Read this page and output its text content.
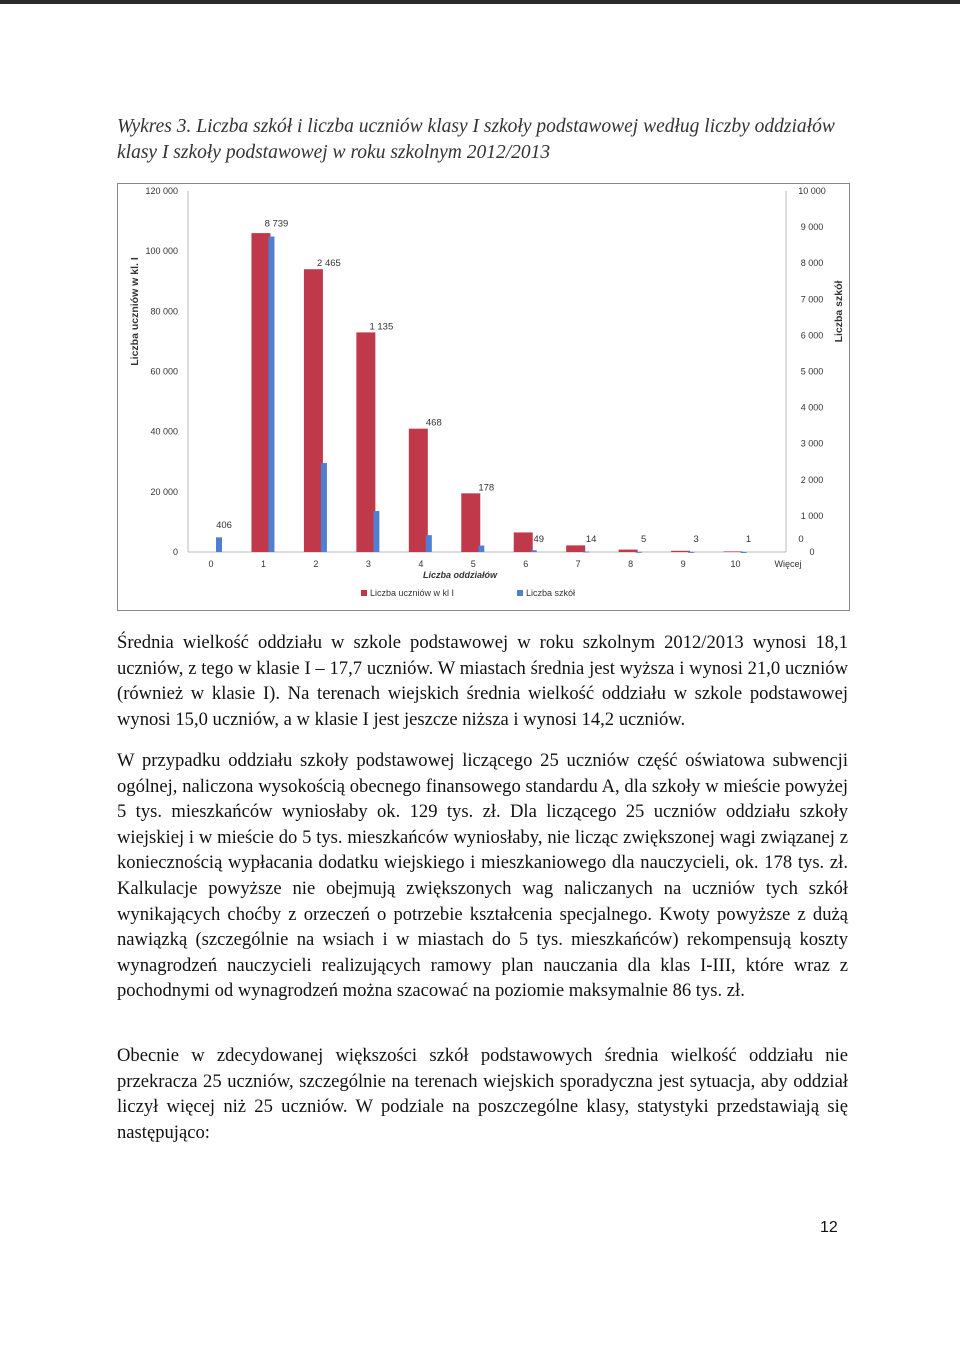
Wykres 3. Liczba szkół i liczba uczniów klasy I szkoły podstawowej według liczby oddziałów klasy I szkoły podstawowej w roku szkolnym 2012/2013
0
20 000
40 000
60 000
80 000
100 000
120 000
0
1 000
2 000
3 000
4 000
5 000
6 000
7 000
8 000
9 000
10 000
Liczba uczniów w kl. I	Liczba szkół
406
0
8 739
1
2 465
2
1 135
3
468
4
178
5
49
6
14
7
5
8
3
9
1
10
0
Więcej
Liczba oddziałów
Liczba uczniów w kl I	Liczba szkół

Średnia wielkość oddziału w szkole podstawowej w roku szkolnym 2012/2013 wynosi 18,1 uczniów, z tego w klasie I – 17,7 uczniów. W miastach średnia jest wyższa i wynosi 21,0 uczniów (również w klasie I). Na terenach wiejskich średnia wielkość oddziału w szkole podstawowej wynosi 15,0 uczniów, a w klasie I jest jeszcze niższa i wynosi 14,2 uczniów.

W przypadku oddziału szkoły podstawowej liczącego 25 uczniów część oświatowa subwencji ogólnej, naliczona wysokością obecnego finansowego standardu A, dla szkoły w mieście powyżej 5 tys. mieszkańców wyniosłaby ok. 129 tys. zł. Dla liczącego 25 uczniów oddziału szkoły wiejskiej i w mieście do 5 tys. mieszkańców wyniosłaby, nie licząc zwiększonej wagi związanej z koniecznością wypłacania dodatku wiejskiego i mieszkaniowego dla nauczycieli, ok. 178 tys. zł. Kalkulacje powyższe nie obejmują zwiększonych wag naliczanych na uczniów tych szkół wynikających choćby z orzeczeń o potrzebie kształcenia specjalnego. Kwoty powyższe z dużą nawiązką (szczególnie na wsiach i w miastach do 5 tys. mieszkańców) rekompensują koszty wynagrodzeń nauczycieli realizujących ramowy plan nauczania dla klas I-III, które wraz z pochodnymi od wynagrodzeń można szacować na poziomie maksymalnie 86 tys. zł.

Obecnie w zdecydowanej większości szkół podstawowych średnia wielkość oddziału nie przekracza 25 uczniów, szczególnie na terenach wiejskich sporadyczna jest sytuacja, aby oddział liczył więcej niż 25 uczniów. W podziale na poszczególne klasy, statystyki przedstawiają się następująco:

12
